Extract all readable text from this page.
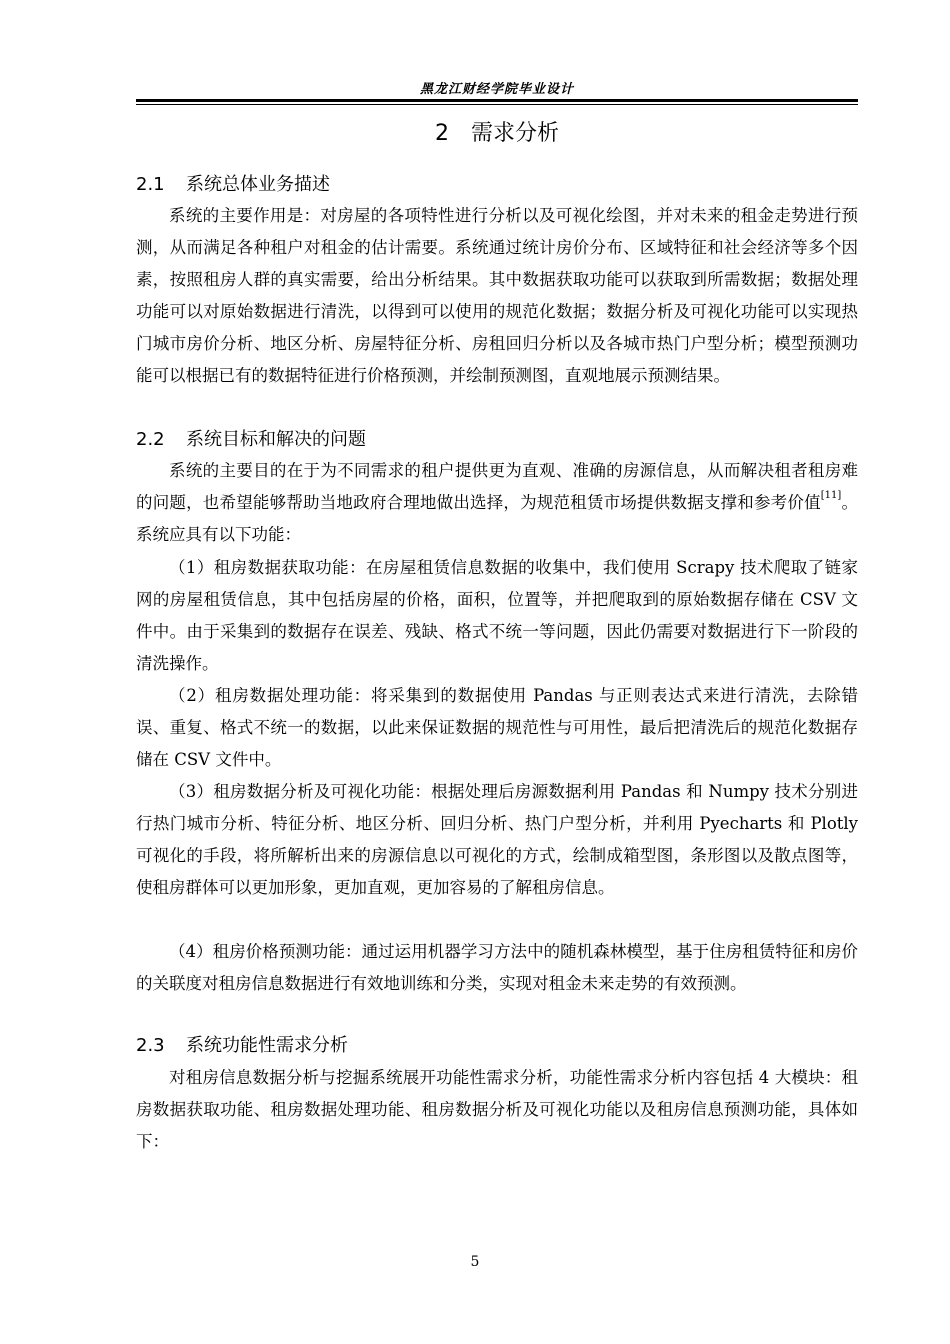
黑龙江财经学院毕业设计
2 需求分析
2.1 系统总体业务描述

系统的主要作用是：对房屋的各项特性进行分析以及可视化绘图，并对未来的租金走势进行预测，从而满足各种租户对租金的估计需要。系统通过统计房价分布、区域特征和社会经济等多个因素，按照租房人群的真实需要，给出分析结果。其中数据获取功能可以获取到所需数据；数据处理功能可以对原始数据进行清洗，以得到可以使用的规范化数据；数据分析及可视化功能可以实现热门城市房价分析、地区分析、房屋特征分析、房租回归分析以及各城市热门户型分析；模型预测功能可以根据已有的数据特征进行价格预测，并绘制预测图，直观地展示预测结果。

2.2 系统目标和解决的问题

系统的主要目的在于为不同需求的租户提供更为直观、准确的房源信息，从而解决租者租房难的问题，也希望能够帮助当地政府合理地做出选择，为规范租赁市场提供数据支撑和参考价值[11]。系统应具有以下功能：

（1）租房数据获取功能：在房屋租赁信息数据的收集中，我们使用 Scrapy 技术爬取了链家网的房屋租赁信息，其中包括房屋的价格，面积，位置等，并把爬取到的原始数据存储在 CSV 文件中。由于采集到的数据存在误差、残缺、格式不统一等问题，因此仍需要对数据进行下一阶段的清洗操作。

（2）租房数据处理功能：将采集到的数据使用 Pandas 与正则表达式来进行清洗，去除错误、重复、格式不统一的数据，以此来保证数据的规范性与可用性，最后把清洗后的规范化数据存储在 CSV 文件中。

（3）租房数据分析及可视化功能：根据处理后房源数据利用 Pandas 和 Numpy 技术分别进行热门城市分析、特征分析、地区分析、回归分析、热门户型分析，并利用 Pyecharts 和 Plotly 可视化的手段，将所解析出来的房源信息以可视化的方式，绘制成箱型图，条形图以及散点图等，使租房群体可以更加形象，更加直观，更加容易的了解租房信息。

（4）租房价格预测功能：通过运用机器学习方法中的随机森林模型，基于住房租赁特征和房价的关联度对租房信息数据进行有效地训练和分类，实现对租金未来走势的有效预测。

2.3 系统功能性需求分析

对租房信息数据分析与挖掘系统展开功能性需求分析，功能性需求分析内容包括 4 大模块：租房数据获取功能、租房数据处理功能、租房数据分析及可视化功能以及租房信息预测功能，具体如下：

5
